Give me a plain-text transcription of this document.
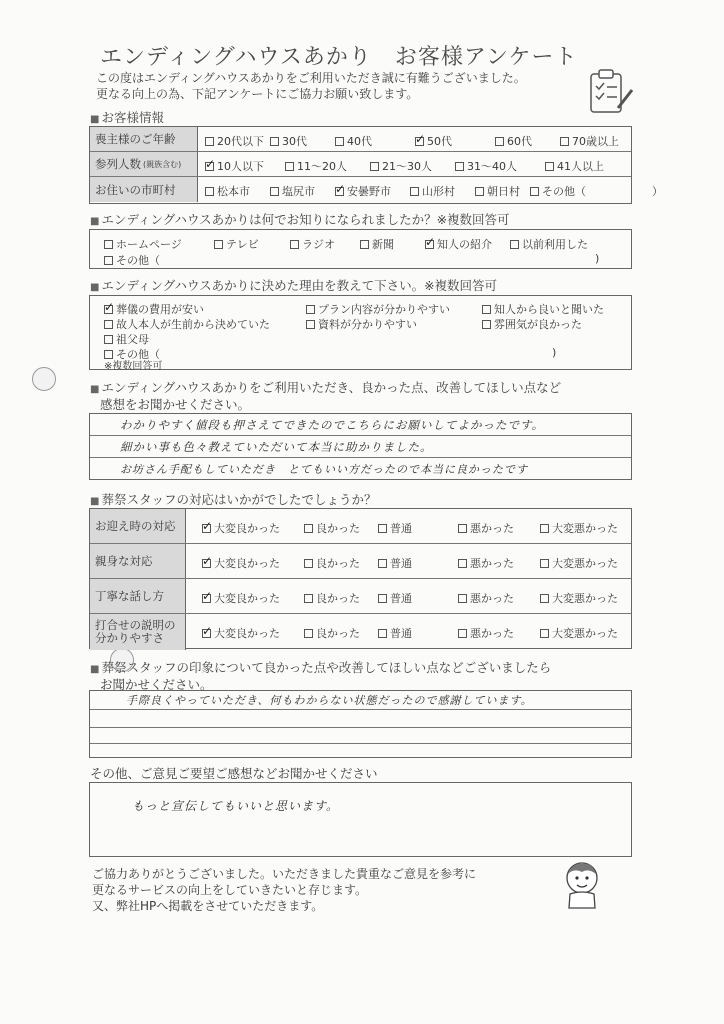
エンディングハウスあかり　お客様アンケート
この度はエンディングハウスあかりをご利用いただき誠に有難うございました。
更なる向上の為、下記アンケートにご協力お願い致します。
■ お客様情報
喪主様のご年齢	20代以下	30代	40代 ✓	50代	60代	70歳以上
参列人数 (親族含む) ✓	10人以下	11～20人	21～30人	31～40人	41人以上
お住いの市町村	松本市	塩尻市 ✓	安曇野市	山形村	朝日村	その他（　　　　　　）
■ エンディングハウスあかりは何でお知りになられましたか？※複数回答可
ホームページ	テレビ	ラジオ	新聞 ✓	知人の紹介	以前利用した
その他（	)
■ エンディングハウスあかりに決めた理由を教えて下さい。※複数回答可
✓葬儀の費用が安い	プラン内容が分かりやすい	知人から良いと聞いた
故人本人が生前から決めていた	資料が分かりやすい	雰囲気が良かった
祖父母
その他（	)
※複数回答可
■ エンディングハウスあかりをご利用いただき、良かった点、改善してほしい点など
感想をお聞かせください。
わかりやすく値段も押さえてできたのでこちらにお願いしてよかったです。
細かい事も色々教えていただいて本当に助かりました。
お坊さん手配もしていただき　とてもいい方だったので本当に良かったです
■ 葬祭スタッフの対応はいかがでしたでしょうか？
お迎え時の対応 ✓	大変良かった	良かった	普通	悪かった	大変悪かった
親身な対応 ✓	大変良かった	良かった	普通	悪かった	大変悪かった
丁寧な話し方 ✓	大変良かった	良かった	普通	悪かった	大変悪かった
打合せの説明の
分かりやすさ ✓	大変良かった	良かった	普通	悪かった	大変悪かった
■ 葬祭スタッフの印象について良かった点や改善してほしい点などございましたら
お聞かせください。
手際良くやっていただき、何もわからない状態だったので感謝しています。
その他、ご意見ご要望ご感想などお聞かせください
もっと宣伝してもいいと思います。
ご協力ありがとうございました。いただきました貴重なご意見を参考に
更なるサービスの向上をしていきたいと存じます。
又、弊社HPへ掲載をさせていただきます。
